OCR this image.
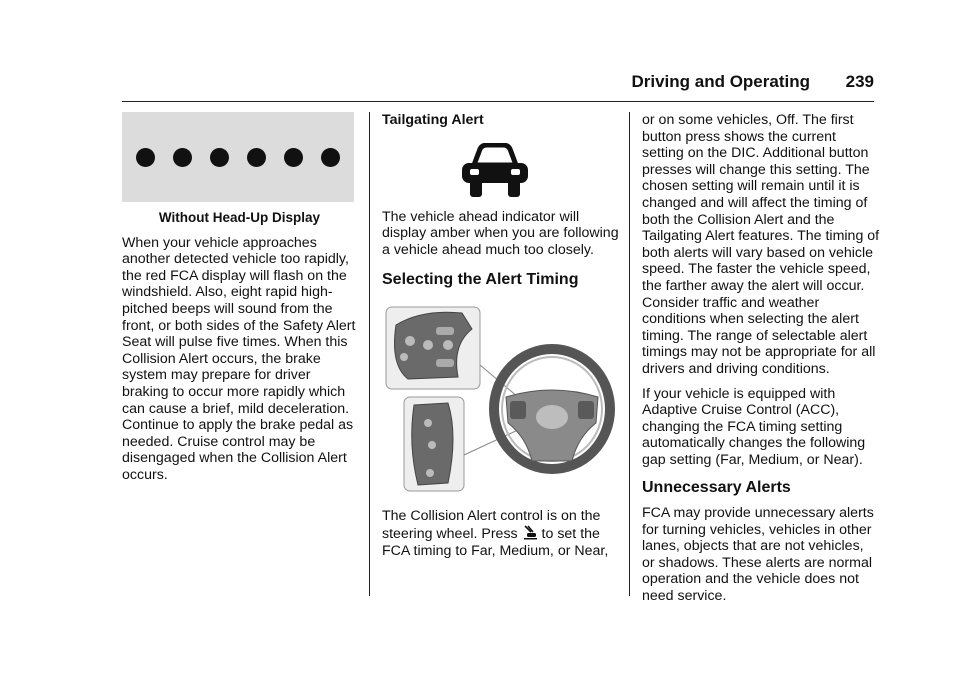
Driving and Operating 239
Without Head-Up Display

When your vehicle approaches another detected vehicle too rapidly, the red FCA display will flash on the windshield. Also, eight rapid high-pitched beeps will sound from the front, or both sides of the Safety Alert Seat will pulse five times. When this Collision Alert occurs, the brake system may prepare for driver braking to occur more rapidly which can cause a brief, mild deceleration. Continue to apply the brake pedal as needed. Cruise control may be disengaged when the Collision Alert occurs.

Tailgating Alert

The vehicle ahead indicator will display amber when you are following a vehicle ahead much too closely.

Selecting the Alert Timing

The Collision Alert control is on the steering wheel. Press to set the FCA timing to Far, Medium, or Near,

or on some vehicles, Off. The first button press shows the current setting on the DIC. Additional button presses will change this setting. The chosen setting will remain until it is changed and will affect the timing of both the Collision Alert and the Tailgating Alert features. The timing of both alerts will vary based on vehicle speed. The faster the vehicle speed, the farther away the alert will occur. Consider traffic and weather conditions when selecting the alert timing. The range of selectable alert timings may not be appropriate for all drivers and driving conditions.

If your vehicle is equipped with Adaptive Cruise Control (ACC), changing the FCA timing setting automatically changes the following gap setting (Far, Medium, or Near).

Unnecessary Alerts

FCA may provide unnecessary alerts for turning vehicles, vehicles in other lanes, objects that are not vehicles, or shadows. These alerts are normal operation and the vehicle does not need service.
